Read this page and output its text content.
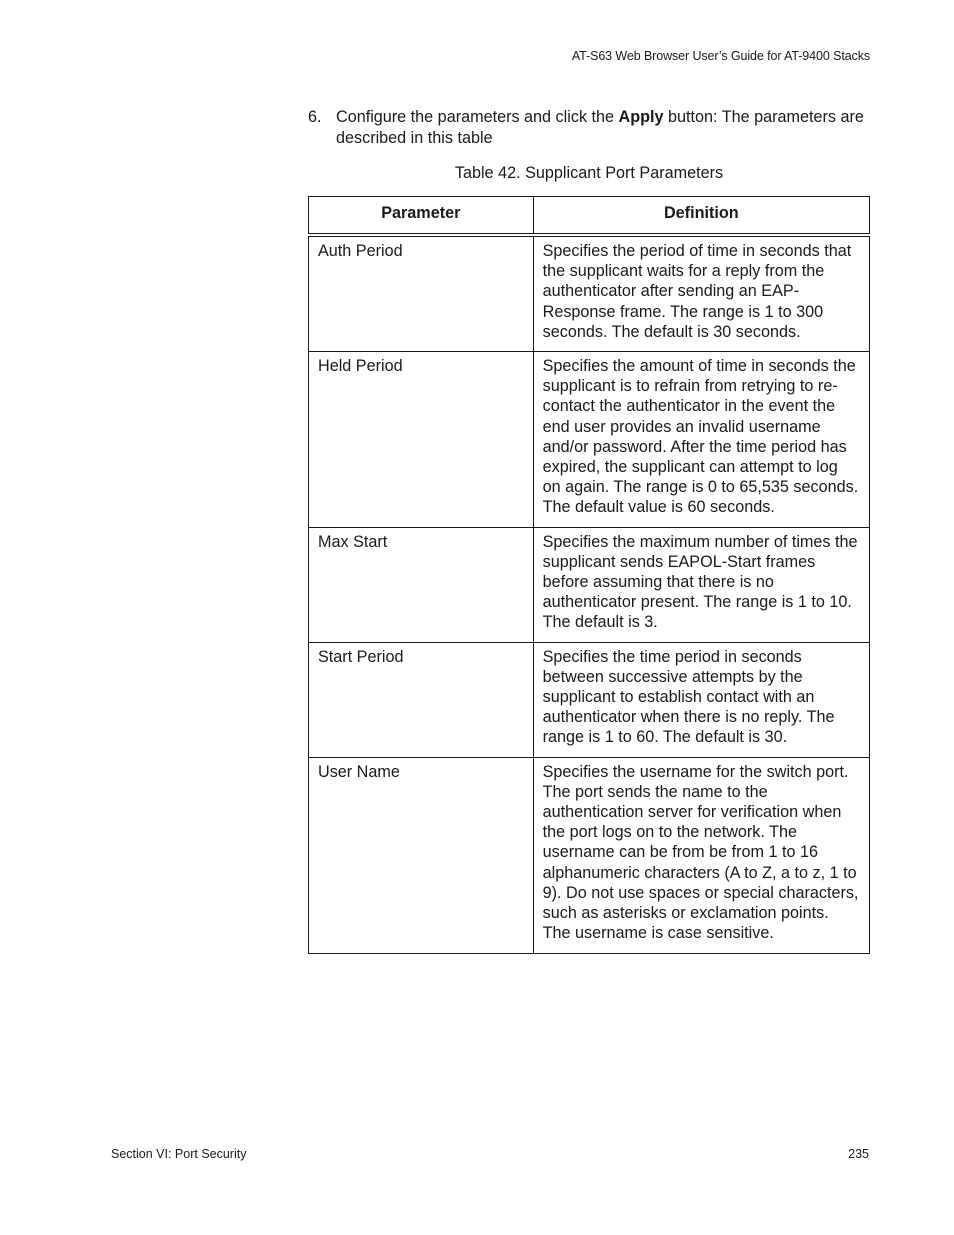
AT-S63 Web Browser User’s Guide for AT-9400 Stacks
6. Configure the parameters and click the Apply button: The parameters are described in this table
Table 42. Supplicant Port Parameters
Parameter	Definition
Auth Period	Specifies the period of time in seconds that the supplicant waits for a reply from the authenticator after sending an EAP-Response frame. The range is 1 to 300 seconds. The default is 30 seconds.
Held Period	Specifies the amount of time in seconds the supplicant is to refrain from retrying to re-contact the authenticator in the event the end user provides an invalid username and/or password. After the time period has expired, the supplicant can attempt to log on again. The range is 0 to 65,535 seconds. The default value is 60 seconds.
Max Start	Specifies the maximum number of times the supplicant sends EAPOL-Start frames before assuming that there is no authenticator present. The range is 1 to 10. The default is 3.
Start Period	Specifies the time period in seconds between successive attempts by the supplicant to establish contact with an authenticator when there is no reply. The range is 1 to 60. The default is 30.
User Name	Specifies the username for the switch port. The port sends the name to the authentication server for verification when the port logs on to the network. The username can be from be from 1 to 16 alphanumeric characters (A to Z, a to z, 1 to 9). Do not use spaces or special characters, such as asterisks or exclamation points. The username is case sensitive.
Section VI: Port Security	235
